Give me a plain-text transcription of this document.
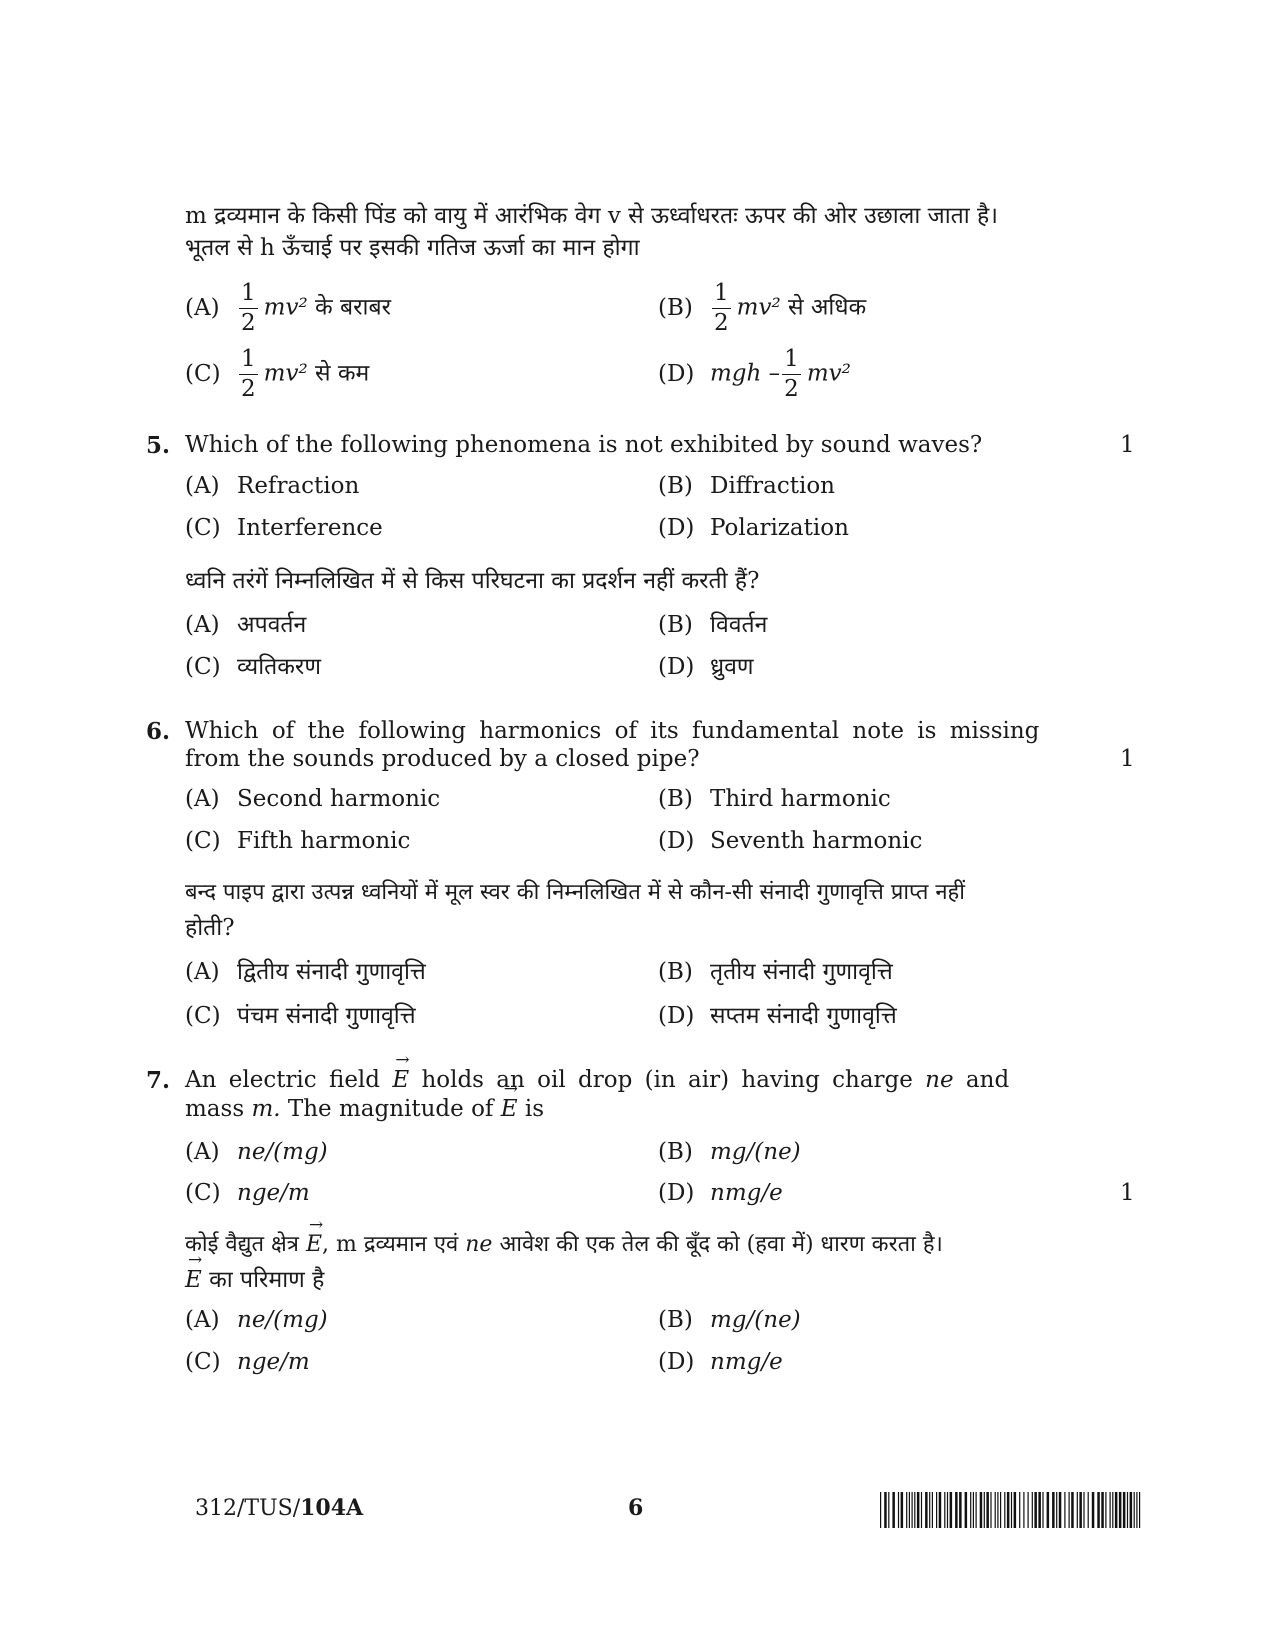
m द्रव्यमान के किसी पिंड को वायु में आरंभिक वेग v से ऊर्ध्वाधरतः ऊपर की ओर उछाला जाता है।
भूतल से h ऊँचाई पर इसकी गतिज ऊर्जा का मान होगा
$(A) \frac{1}{2} mv^2$ के बराबर	$(B) \frac{1}{2} mv^2$ से अधिक
$(C) \frac{1}{2} mv^2$ से कम	(D) mgh – $\frac{1}{2} mv^2$
5. Which of the following phenomena is not exhibited by sound waves?	1
(A) Refraction	(B) Diffraction
(C) Interference	(D) Polarization
ध्वनि तरंगें निम्नलिखित में से किस परिघटना का प्रदर्शन नहीं करती हैं?
(A) अपवर्तन	(B) विवर्तन
(C) व्यतिकरण	(D) ध्रुवण
6. Which of the following harmonics of its fundamental note is missing
from the sounds produced by a closed pipe?	1
(A) Second harmonic	(B) Third harmonic
(C) Fifth harmonic	(D) Seventh harmonic
बन्द पाइप द्वारा उत्पन्न ध्वनियों में मूल स्वर की निम्नलिखित में से कौन-सी संनादी गुणावृत्ति प्राप्त नहीं
होती?
(A) द्वितीय संनादी गुणावृत्ति	(B) तृतीय संनादी गुणावृत्ति
(C) पंचम संनादी गुणावृत्ति	(D) सप्तम संनादी गुणावृत्ति
7. An electric field → E holds an oil drop (in air) having charge ne and
mass m. The magnitude of → E is
(A) ne/(mg)	(B) mg/(ne)
(C) nge/m	(D) nmg/e	1
कोई वैद्युत क्षेत्र → E, m द्रव्यमान एवं ne आवेश की एक तेल की बूँद को (हवा में) धारण करता है।
→ E का परिमाण है
(A) ne/(mg)	(B) mg/(ne)
(C) nge/m	(D) nmg/e
312/TUS/104A	6
